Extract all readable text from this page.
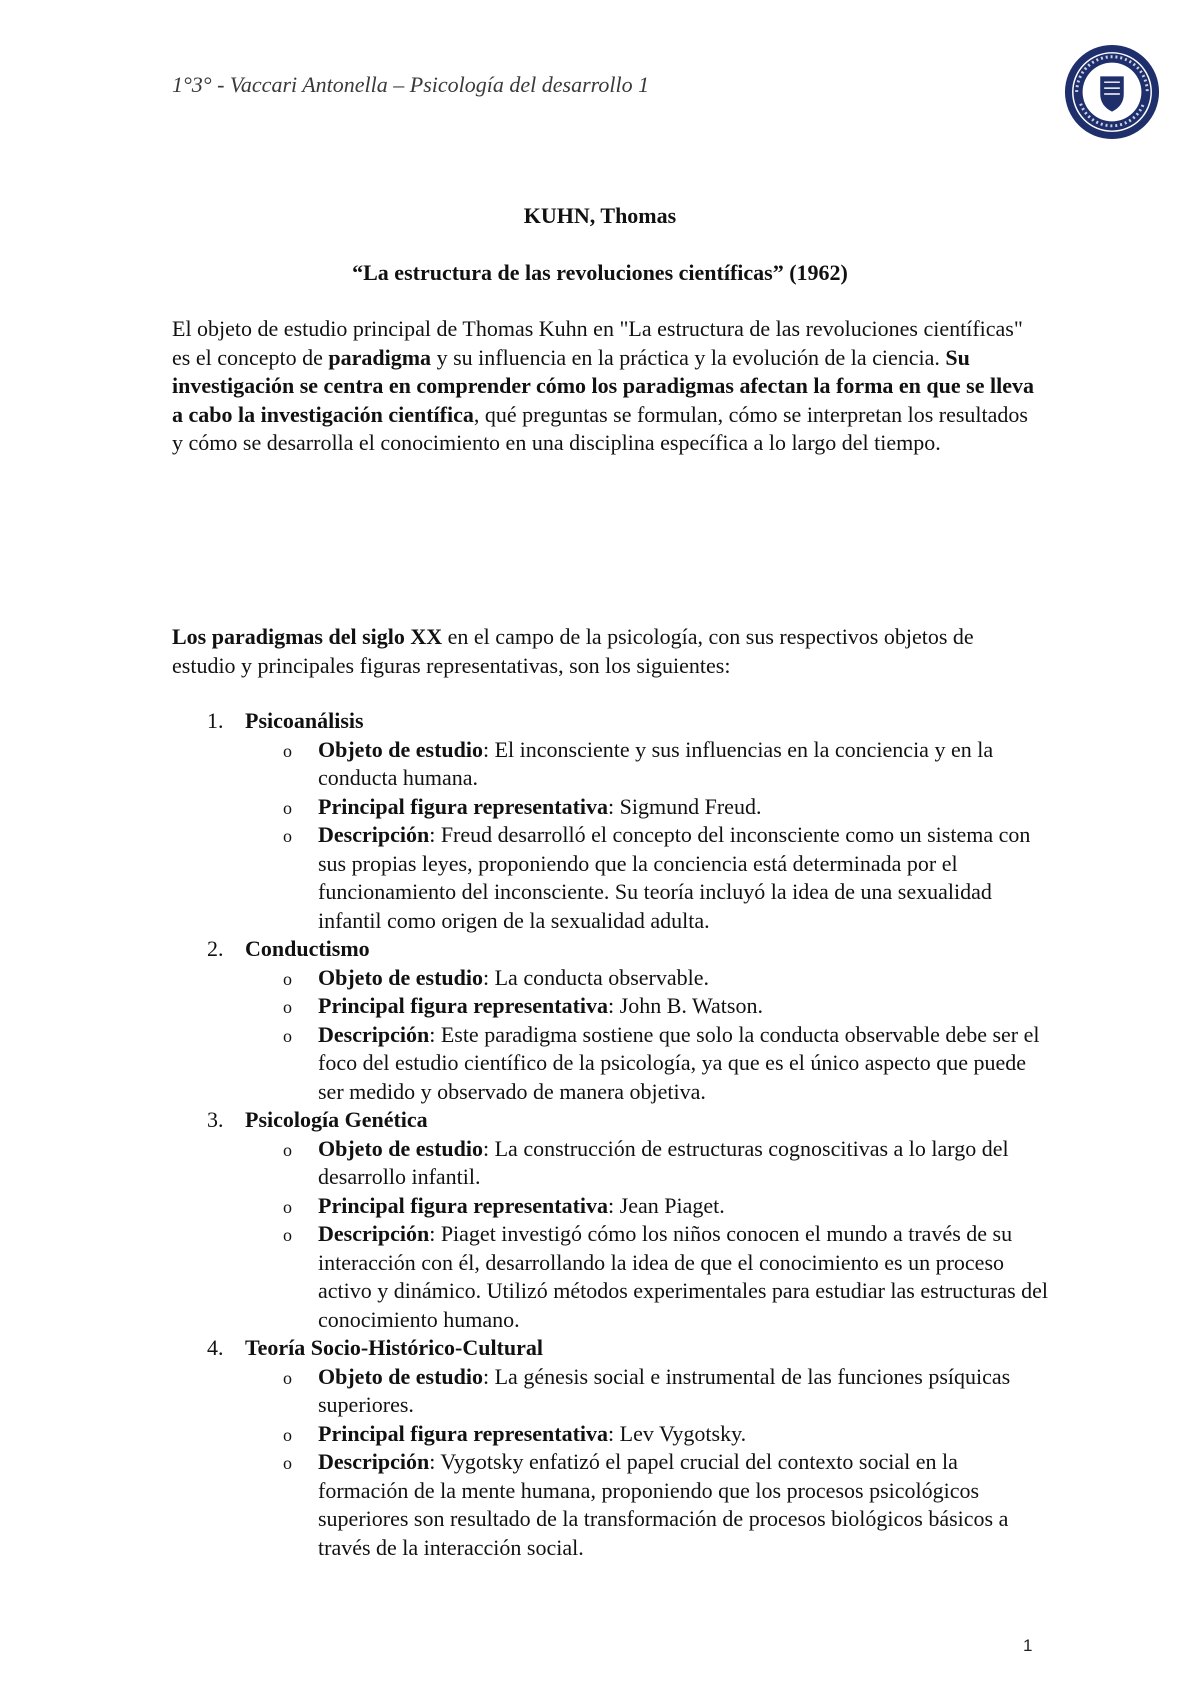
1°3° - Vaccari Antonella – Psicología del desarrollo 1
KUHN, Thomas
“La estructura de las revoluciones científicas” (1962)
El objeto de estudio principal de Thomas Kuhn en "La estructura de las revoluciones científicas" es el concepto de paradigma y su influencia en la práctica y la evolución de la ciencia. Su investigación se centra en comprender cómo los paradigmas afectan la forma en que se lleva a cabo la investigación científica, qué preguntas se formulan, cómo se interpretan los resultados y cómo se desarrolla el conocimiento en una disciplina específica a lo largo del tiempo.
Los paradigmas del siglo XX en el campo de la psicología, con sus respectivos objetos de estudio y principales figuras representativas, son los siguientes:
1. Psicoanálisis
o Objeto de estudio: El inconsciente y sus influencias en la conciencia y en la conducta humana.
o Principal figura representativa: Sigmund Freud.
o Descripción: Freud desarrolló el concepto del inconsciente como un sistema con sus propias leyes, proponiendo que la conciencia está determinada por el funcionamiento del inconsciente. Su teoría incluyó la idea de una sexualidad infantil como origen de la sexualidad adulta.
2. Conductismo
o Objeto de estudio: La conducta observable.
o Principal figura representativa: John B. Watson.
o Descripción: Este paradigma sostiene que solo la conducta observable debe ser el foco del estudio científico de la psicología, ya que es el único aspecto que puede ser medido y observado de manera objetiva.
3. Psicología Genética
o Objeto de estudio: La construcción de estructuras cognoscitivas a lo largo del desarrollo infantil.
o Principal figura representativa: Jean Piaget.
o Descripción: Piaget investigó cómo los niños conocen el mundo a través de su interacción con él, desarrollando la idea de que el conocimiento es un proceso activo y dinámico. Utilizó métodos experimentales para estudiar las estructuras del conocimiento humano.
4. Teoría Socio-Histórico-Cultural
o Objeto de estudio: La génesis social e instrumental de las funciones psíquicas superiores.
o Principal figura representativa: Lev Vygotsky.
o Descripción: Vygotsky enfatizó el papel crucial del contexto social en la formación de la mente humana, proponiendo que los procesos psicológicos superiores son resultado de la transformación de procesos biológicos básicos a través de la interacción social.
1
